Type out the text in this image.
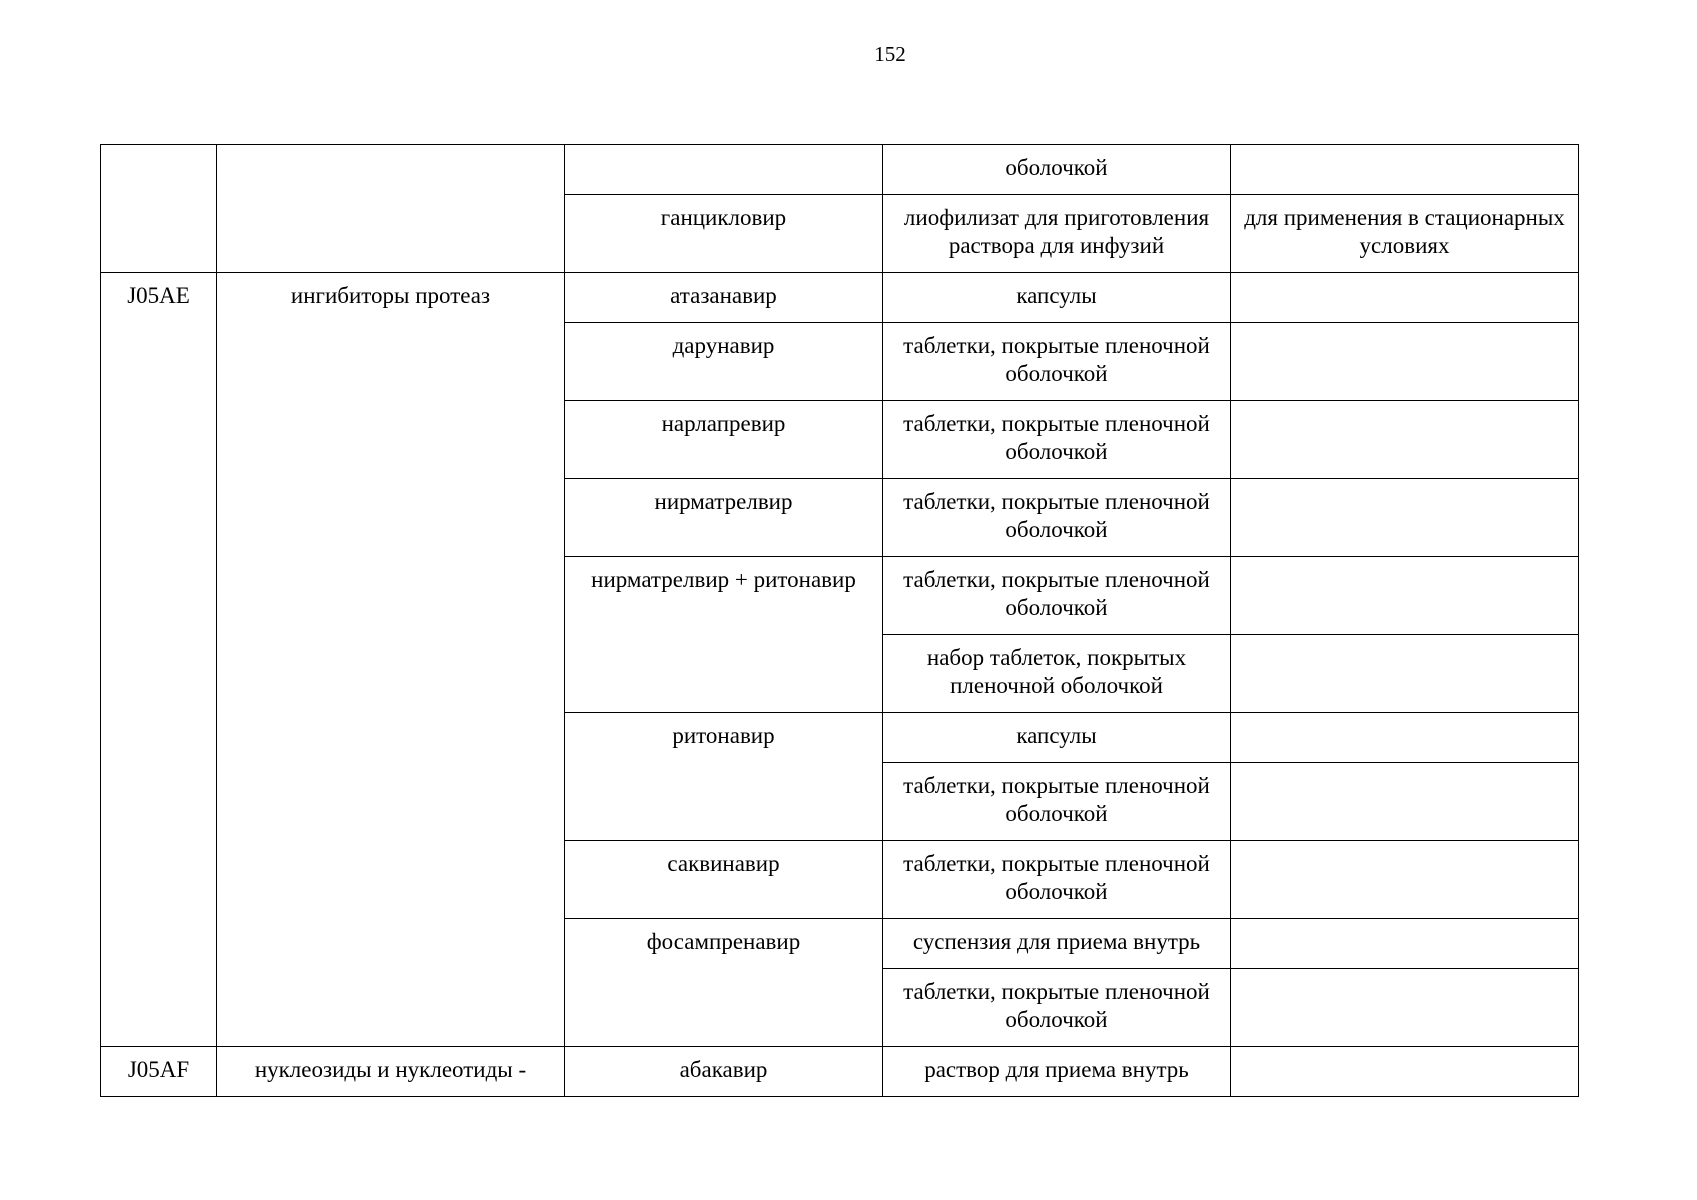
152
			оболочкой	
		ганцикловир	лиофилизат для приготовления раствора для инфузий	для применения в стационарных условиях
J05AE	ингибиторы протеаз	атазанавир	капсулы	
		дарунавир	таблетки, покрытые пленочной оболочкой	
		нарлапревир	таблетки, покрытые пленочной оболочкой	
		нирматрелвир	таблетки, покрытые пленочной оболочкой	
		нирматрелвир + ритонавир	таблетки, покрытые пленочной оболочкой	
			набор таблеток, покрытых пленочной оболочкой	
		ритонавир	капсулы	
			таблетки, покрытые пленочной оболочкой	
		саквинавир	таблетки, покрытые пленочной оболочкой	
		фосампренавир	суспензия для приема внутрь	
			таблетки, покрытые пленочной оболочкой	
J05AF	нуклеозиды и нуклеотиды -	абакавир	раствор для приема внутрь	
